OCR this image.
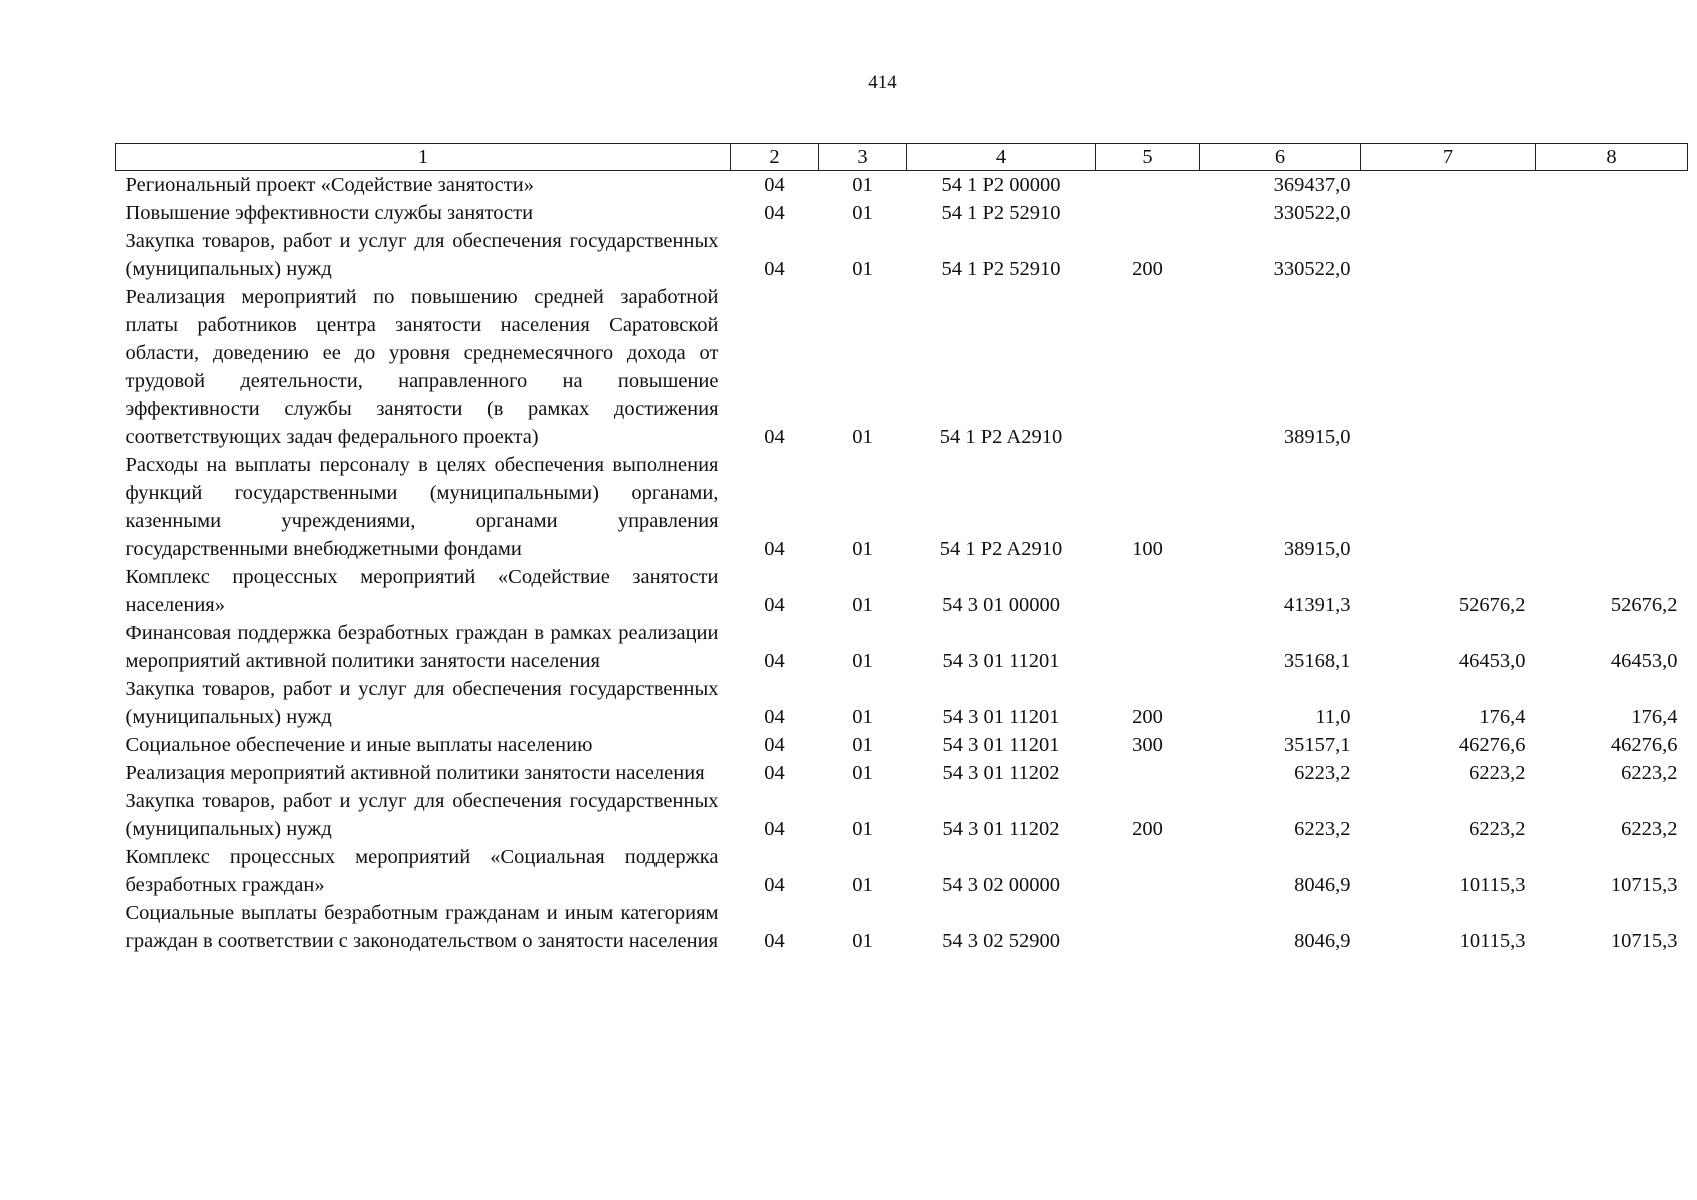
414
1	2	3	4	5	6	7	8
Региональный проект «Содействие занятости»	04	01	54 1 P2 00000		369437,0		
Повышение эффективности службы занятости	04	01	54 1 P2 52910		330522,0		
Закупка товаров, работ и услуг для обеспечения государственных (муниципальных) нужд	04	01	54 1 P2 52910	200	330522,0		
Реализация мероприятий по повышению средней заработной платы работников центра занятости населения Саратовской области, доведению ее до уровня среднемесячного дохода от трудовой деятельности, направленного на повышение эффективности службы занятости (в рамках достижения соответствующих задач федерального проекта)	04	01	54 1 P2 A2910		38915,0		
Расходы на выплаты персоналу в целях обеспечения выполнения функций государственными (муниципальными) органами, казенными учреждениями, органами управления государственными внебюджетными фондами	04	01	54 1 P2 A2910	100	38915,0		
Комплекс процессных мероприятий «Содействие занятости населения»	04	01	54 3 01 00000		41391,3	52676,2	52676,2
Финансовая поддержка безработных граждан в рамках реализации мероприятий активной политики занятости населения	04	01	54 3 01 11201		35168,1	46453,0	46453,0
Закупка товаров, работ и услуг для обеспечения государственных (муниципальных) нужд	04	01	54 3 01 11201	200	11,0	176,4	176,4
Социальное обеспечение и иные выплаты населению	04	01	54 3 01 11201	300	35157,1	46276,6	46276,6
Реализация мероприятий активной политики занятости населения	04	01	54 3 01 11202		6223,2	6223,2	6223,2
Закупка товаров, работ и услуг для обеспечения государственных (муниципальных) нужд	04	01	54 3 01 11202	200	6223,2	6223,2	6223,2
Комплекс процессных мероприятий «Социальная поддержка безработных граждан»	04	01	54 3 02 00000		8046,9	10115,3	10715,3
Социальные выплаты безработным гражданам и иным категориям граждан в соответствии с законодательством о занятости населения	04	01	54 3 02 52900		8046,9	10115,3	10715,3
